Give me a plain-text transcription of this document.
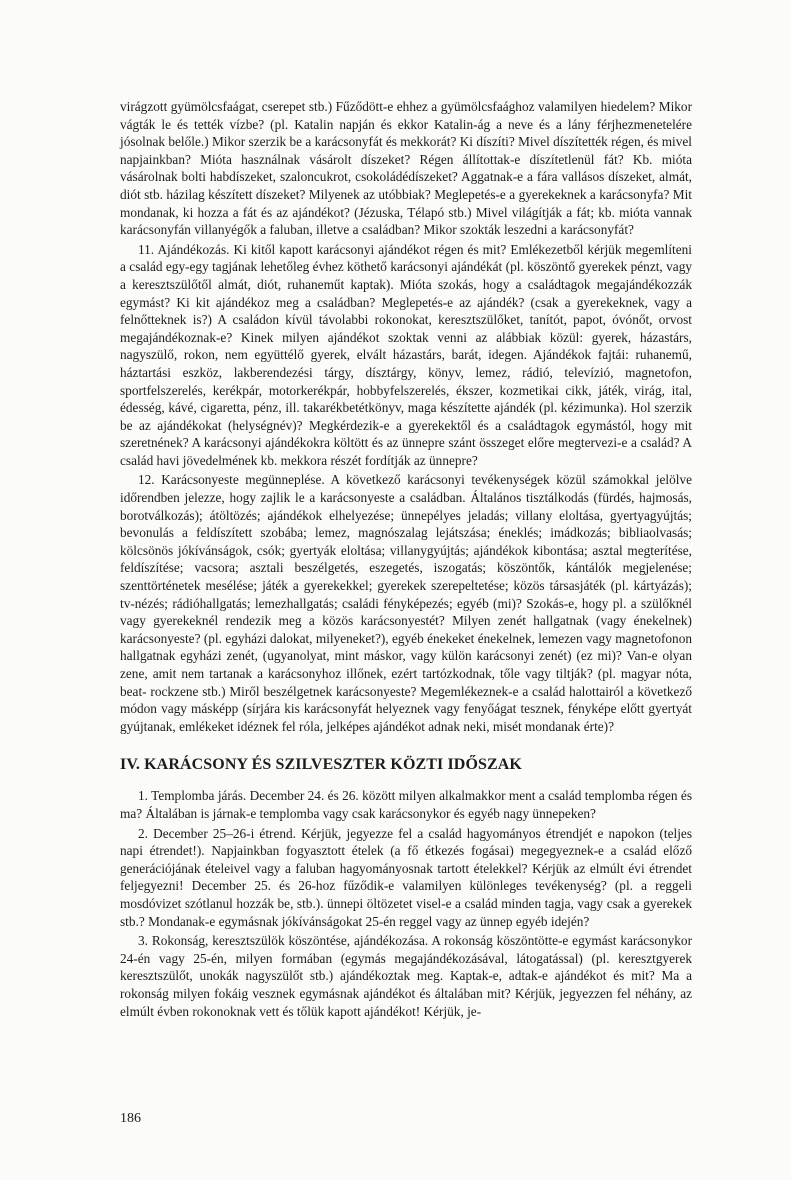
virágzott gyümölcsfaágat, cserepet stb.) Fűződött-e ehhez a gyümölcsfaághoz valamilyen hiedelem? Mikor vágták le és tették vízbe? (pl. Katalin napján és ekkor Katalin-ág a neve és a lány férjhezmenetelére jósolnak belőle.) Mikor szerzik be a karácsonyfát és mekkorát? Ki díszíti? Mivel díszítették régen, és mivel napjainkban? Mióta használnak vásárolt díszeket? Régen állítottak-e díszítetlenül fát? Kb. mióta vásárolnak bolti habdíszeket, szaloncukrot, csokoládédíszeket? Aggatnak-e a fára vallásos díszeket, almát, diót stb. házilag készített díszeket? Milyenek az utóbbiak? Meglepetés-e a gyerekeknek a karácsonyfa? Mit mondanak, ki hozza a fát és az ajándékot? (Jézuska, Télapó stb.) Mivel világítják a fát; kb. mióta vannak karácsonyfán villanyégők a faluban, illetve a családban? Mikor szokták leszedni a karácsonyfát?

11. Ajándékozás. Ki kitől kapott karácsonyi ajándékot régen és mit? Emlékezetből kérjük megemlíteni a család egy-egy tagjának lehetőleg évhez köthető karácsonyi ajándékát (pl. köszöntő gyerekek pénzt, vagy a keresztszülőtől almát, diót, ruhaneműt kaptak). Mióta szokás, hogy a családtagok megajándékozzák egymást? Ki kit ajándékoz meg a családban? Meglepetés-e az ajándék? (csak a gyerekeknek, vagy a felnőtteknek is?) A családon kívül távolabbi rokonokat, keresztszülőket, tanítót, papot, óvónőt, orvost megajándékoznak-e? Kinek milyen ajándékot szoktak venni az alábbiak közül: gyerek, házastárs, nagyszülő, rokon, nem együttélő gyerek, elvált házastárs, barát, idegen. Ajándékok fajtái: ruhanemű, háztartási eszköz, lakberendezési tárgy, dísztárgy, könyv, lemez, rádió, televízió, magnetofon, sportfelszerelés, kerékpár, motorkerékpár, hobbyfelszerelés, ékszer, kozmetikai cikk, játék, virág, ital, édesség, kávé, cigaretta, pénz, ill. takarékbetétkönyv, maga készítette ajándék (pl. kézimunka). Hol szerzik be az ajándékokat (helységnév)? Megkérdezik-e a gyerekektől és a családtagok egymástól, hogy mit szeretnének? A karácsonyi ajándékokra költött és az ünnepre szánt összeget előre megtervezi-e a család? A család havi jövedelmének kb. mekkora részét fordítják az ünnepre?

12. Karácsonyeste megünneplése. A következő karácsonyi tevékenységek közül számokkal jelölve időrendben jelezze, hogy zajlik le a karácsonyeste a családban. Általános tisztálkodás (fürdés, hajmosás, borotválkozás); átöltözés; ajándékok elhelyezése; ünnepélyes jeladás; villany eloltása, gyertyagyújtás; bevonulás a feldíszített szobába; lemez, magnószalag lejátszása; éneklés; imádkozás; bibliaolvasás; kölcsönös jókívánságok, csók; gyertyák eloltása; villanygyújtás; ajándékok kibontása; asztal megterítése, feldíszítése; vacsora; asztali beszélgetés, eszegetés, iszogatás; köszöntők, kántálók megjelenése; szenttörténetek mesélése; játék a gyerekekkel; gyerekek szerepeltetése; közös társasjáték (pl. kártyázás); tv-nézés; rádióhallgatás; lemezhallgatás; családi fényképezés; egyéb (mi)? Szokás-e, hogy pl. a szülőknél vagy gyerekeknél rendezik meg a közös karácsonyestét? Milyen zenét hallgatnak (vagy énekelnek) karácsonyeste? (pl. egyházi dalokat, milyeneket?), egyéb énekeket énekelnek, lemezen vagy magnetofonon hallgatnak egyházi zenét, (ugyanolyat, mint máskor, vagy külön karácsonyi zenét) (ez mi)? Van-e olyan zene, amit nem tartanak a karácsonyhoz illőnek, ezért tartózkodnak, tőle vagy tiltják? (pl. magyar nóta, beat- rockzene stb.) Miről beszélgetnek karácsonyeste? Megemlékeznek-e a család halottairól a következő módon vagy másképp (sírjára kis karácsonyfát helyeznek vagy fenyőágat tesznek, fényképe előtt gyertyát gyújtanak, emlékeket idéznek fel róla, jelképes ajándékot adnak neki, misét mondanak érte)?

IV. KARÁCSONY ÉS SZILVESZTER KÖZTI IDŐSZAK

1. Templomba járás. December 24. és 26. között milyen alkalmakkor ment a család templomba régen és ma? Általában is járnak-e templomba vagy csak karácsonykor és egyéb nagy ünnepeken?

2. December 25–26-i étrend. Kérjük, jegyezze fel a család hagyományos étrendjét e napokon (teljes napi étrendet!). Napjainkban fogyasztott ételek (a fő étkezés fogásai) megegyeznek-e a család előző generációjának ételeivel vagy a faluban hagyományosnak tartott ételekkel? Kérjük az elmúlt évi étrendet feljegyezni! December 25. és 26-hoz fűződik-e valamilyen különleges tevékenység? (pl. a reggeli mosdóvizet szótlanul hozzák be, stb.). ünnepi öltözetet visel-e a család minden tagja, vagy csak a gyerekek stb.? Mondanak-e egymásnak jókívánságokat 25-én reggel vagy az ünnep egyéb idején?

3. Rokonság, keresztszülök köszöntése, ajándékozása. A rokonság köszöntötte-e egymást karácsonykor 24-én vagy 25-én, milyen formában (egymás megajándékozásával, látogatással) (pl. keresztgyerek keresztszülőt, unokák nagyszülőt stb.) ajándékoztak meg. Kaptak-e, adtak-e ajándékot és mit? Ma a rokonság milyen fokáig vesznek egymásnak ajándékot és általában mit? Kérjük, jegyezzen fel néhány, az elmúlt évben rokonoknak vett és tőlük kapott ajándékot! Kérjük, je-

186
